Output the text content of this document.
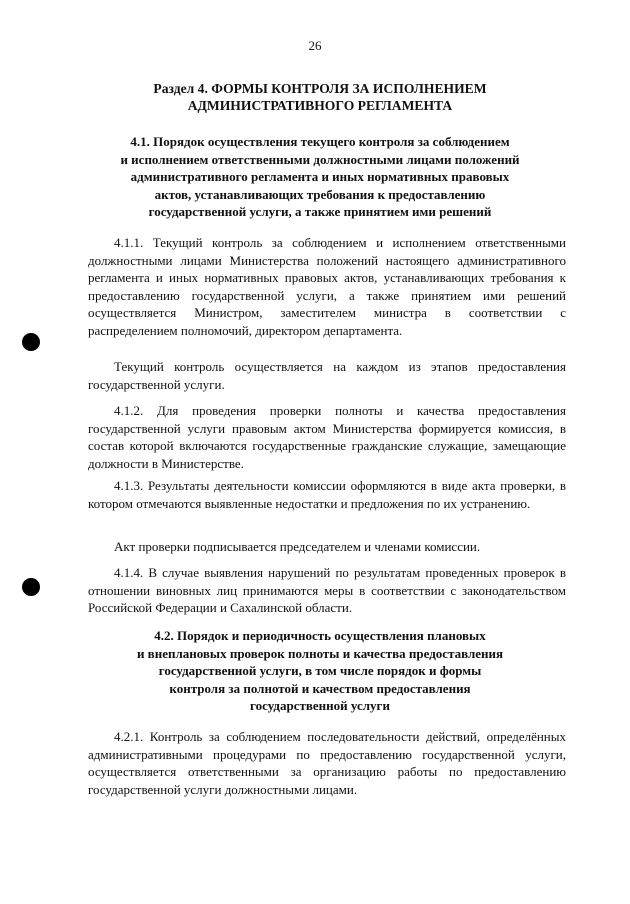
26
Раздел 4. ФОРМЫ КОНТРОЛЯ ЗА ИСПОЛНЕНИЕМ
АДМИНИСТРАТИВНОГО РЕГЛАМЕНТА
4.1. Порядок осуществления текущего контроля за соблюдением
и исполнением ответственными должностными лицами положений
административного регламента и иных нормативных правовых
актов, устанавливающих требования к предоставлению
государственной услуги, а также принятием ими решений

4.1.1. Текущий контроль за соблюдением и исполнением ответственными должностными лицами Министерства положений настоящего административного регламента и иных нормативных правовых актов, устанавливающих требования к предоставлению государственной услуги, а также принятием ими решений осуществляется Министром, заместителем министра в соответствии с распределением полномочий, директором департамента.

Текущий контроль осуществляется на каждом из этапов предоставления государственной услуги.

4.1.2. Для проведения проверки полноты и качества предоставления государственной услуги правовым актом Министерства формируется комиссия, в состав которой включаются государственные гражданские служащие, замещающие должности в Министерстве.

4.1.3. Результаты деятельности комиссии оформляются в виде акта проверки, в котором отмечаются выявленные недостатки и предложения по их устранению.

Акт проверки подписывается председателем и членами комиссии.

4.1.4. В случае выявления нарушений по результатам проведенных проверок в отношении виновных лиц принимаются меры в соответствии с законодательством Российской Федерации и Сахалинской области.

4.2. Порядок и периодичность осуществления плановых
и внеплановых проверок полноты и качества предоставления
государственной услуги, в том числе порядок и формы
контроля за полнотой и качеством предоставления
государственной услуги

4.2.1. Контроль за соблюдением последовательности действий, определённых административными процедурами по предоставлению государственной услуги, осуществляется ответственными за организацию работы по предоставлению государственной услуги должностными лицами.
